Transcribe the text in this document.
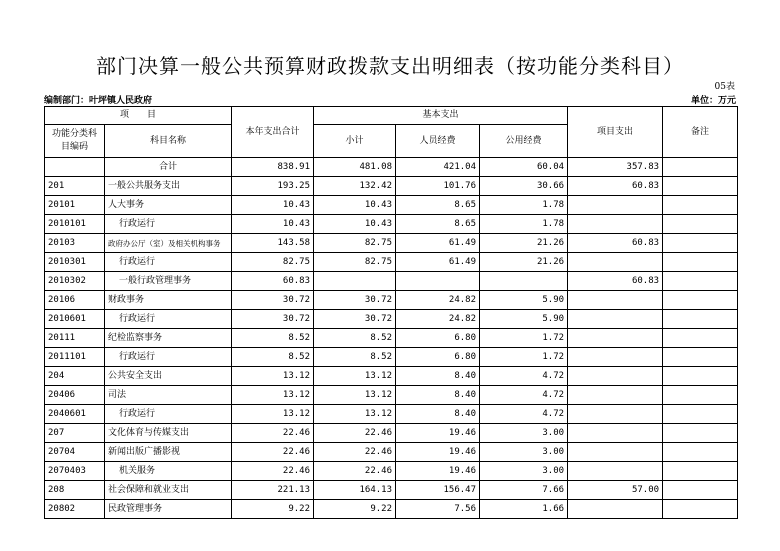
部门决算一般公共预算财政拨款支出明细表（按功能分类科目）
05表
编制部门：叶坪镇人民政府	单位：万元
项　　目		本年支出合计	基本支出			项目支出	备注
功能分类科目编码	科目名称		小计	人员经费	公用经费		
	合计	838.91	481.08	421.04	60.04	357.83	
201	一般公共服务支出	193.25	132.42	101.76	30.66	60.83	
20101	人大事务	10.43	10.43	8.65	1.78		
2010101	行政运行	10.43	10.43	8.65	1.78		
20103	政府办公厅（室）及相关机构事务	143.58	82.75	61.49	21.26	60.83	
2010301	行政运行	82.75	82.75	61.49	21.26		
2010302	一般行政管理事务	60.83				60.83	
20106	财政事务	30.72	30.72	24.82	5.90		
2010601	行政运行	30.72	30.72	24.82	5.90		
20111	纪检监察事务	8.52	8.52	6.80	1.72		
2011101	行政运行	8.52	8.52	6.80	1.72		
204	公共安全支出	13.12	13.12	8.40	4.72		
20406	司法	13.12	13.12	8.40	4.72		
2040601	行政运行	13.12	13.12	8.40	4.72		
207	文化体育与传媒支出	22.46	22.46	19.46	3.00		
20704	新闻出版广播影视	22.46	22.46	19.46	3.00		
2070403	机关服务	22.46	22.46	19.46	3.00		
208	社会保障和就业支出	221.13	164.13	156.47	7.66	57.00	
20802	民政管理事务	9.22	9.22	7.56	1.66		
